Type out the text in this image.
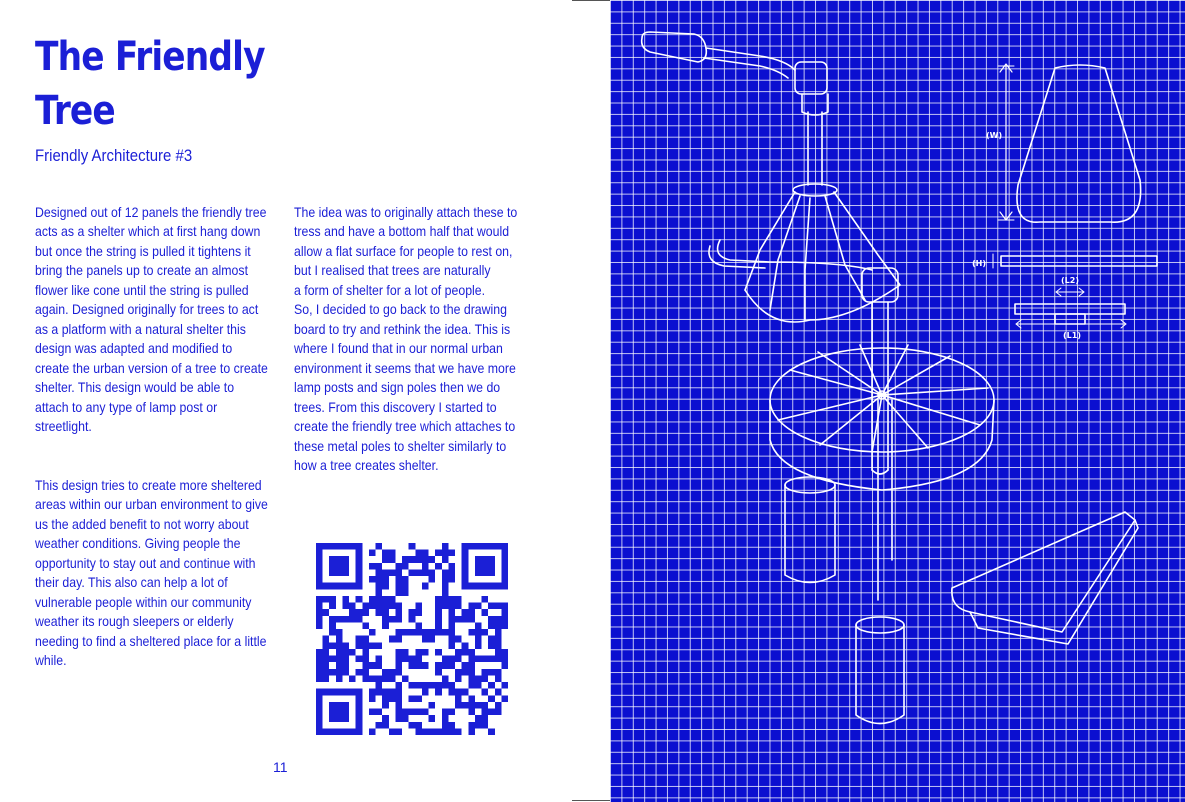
The Friendly
Tree
Friendly Architecture #3

Designed out of 12 panels the friendly tree acts as a shelter which at first hang down but once the string is pulled it tightens it bring the panels up to create an almost flower like cone until the string is pulled again. Designed originally for trees to act as a platform with a natural shelter this design was adapted and modified to create the urban version of a tree to create shelter. This design would be able to attach to any type of lamp post or streetlight.

This design tries to create more sheltered areas within our urban environment to give us the added benefit to not worry about weather conditions. Giving people the opportunity to stay out and continue with their day. This also can help a lot of vulnerable people within our community weather its rough sleepers or elderly needing to find a sheltered place for a little while.

The idea was to originally attach these to tress and have a bottom half that would allow a flat surface for people to rest on, but I realised that trees are naturally
a form of shelter for a lot of people.
So, I decided to go back to the drawing board to try and rethink the idea. This is where I found that in our normal urban environment it seems that we have more lamp posts and sign poles then we do trees. From this discovery I started to create the friendly tree which attaches to these metal poles to shelter similarly to how a tree creates shelter.

11
(W)
(H)
(L2)
(L1)
